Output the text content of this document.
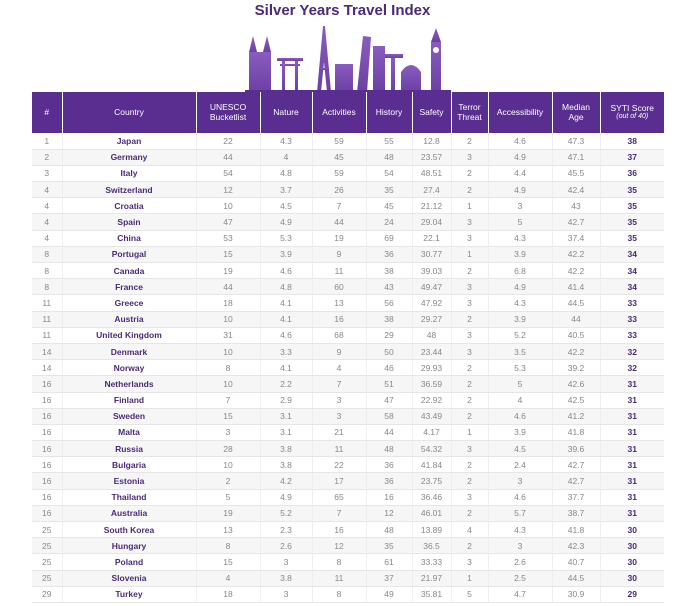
Silver Years Travel Index
#	Country	UNESCO Bucketlist	Nature	Activities	History	Safety	Terror Threat	Accessibility	Median Age	SYTI Score
(out of 40)

1	Japan	22	4.3	59	55	12.8	2	4.6	47.3	38
2	Germany	44	4	45	48	23.57	3	4.9	47.1	37
3	Italy	54	4.8	59	54	48.51	2	4.4	45.5	36
4	Switzerland	12	3.7	26	35	27.4	2	4.9	42.4	35
4	Croatia	10	4.5	7	45	21.12	1	3	43	35
4	Spain	47	4.9	44	24	29.04	3	5	42.7	35
4	China	53	5.3	19	69	22.1	3	4.3	37.4	35
8	Portugal	15	3.9	9	36	30.77	1	3.9	42.2	34
8	Canada	19	4.6	11	38	39.03	2	6.8	42.2	34
8	France	44	4.8	60	43	49.47	3	4.9	41.4	34
11	Greece	18	4.1	13	56	47.92	3	4.3	44.5	33
11	Austria	10	4.1	16	38	29.27	2	3.9	44	33
11	United Kingdom	31	4.6	68	29	48	3	5.2	40.5	33
14	Denmark	10	3.3	9	50	23.44	3	3.5	42.2	32
14	Norway	8	4.1	4	46	29.93	2	5.3	39.2	32
16	Netherlands	10	2.2	7	51	36.59	2	5	42.6	31
16	Finland	7	2.9	3	47	22.92	2	4	42.5	31
16	Sweden	15	3.1	3	58	43.49	2	4.6	41.2	31
16	Malta	3	3.1	21	44	4.17	1	3.9	41.8	31
16	Russia	28	3.8	11	48	54.32	3	4.5	39.6	31
16	Bulgaria	10	3.8	22	36	41.84	2	2.4	42.7	31
16	Estonia	2	4.2	17	36	23.75	2	3	42.7	31
16	Thailand	5	4.9	65	16	36.46	3	4.6	37.7	31
16	Australia	19	5.2	7	12	46.01	2	5.7	38.7	31
25	South Korea	13	2.3	16	48	13.89	4	4.3	41.8	30
25	Hungary	8	2.6	12	35	36.5	2	3	42.3	30
25	Poland	15	3	8	61	33.33	3	2.6	40.7	30
25	Slovenia	4	3.8	11	37	21.97	1	2.5	44.5	30
29	Turkey	18	3	8	49	35.81	5	4.7	30.9	29
